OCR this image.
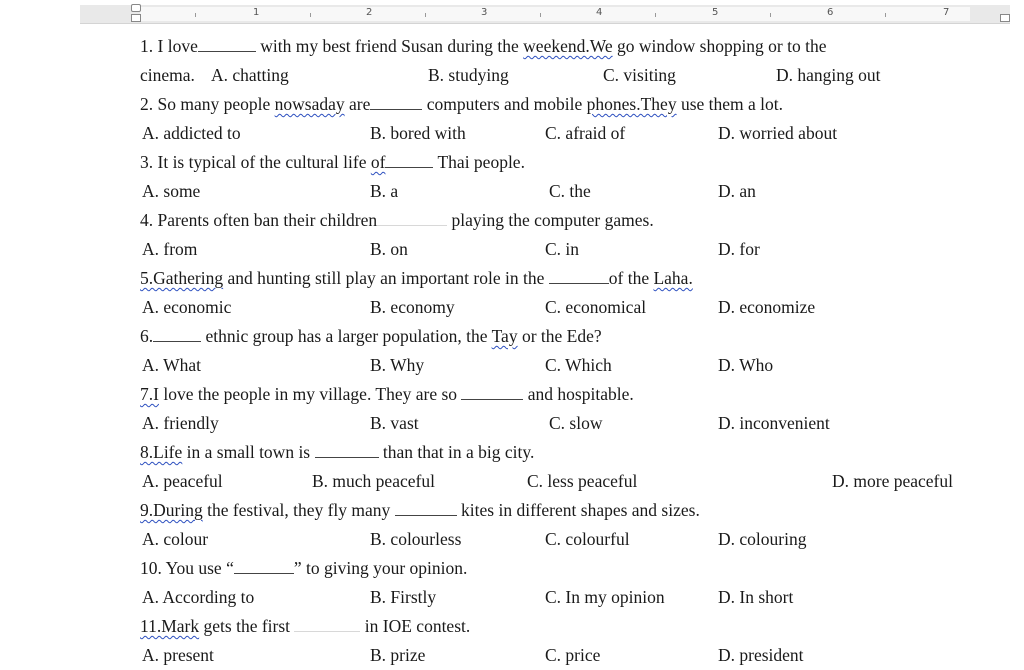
1	2	3	4	5	6	7
1. I love	with my best friend Susan during the weekend.We go window shopping or to the
cinema. A. chatting	B. studying	C. visiting	D. hanging out
2. So many people nowsaday are	computers and mobile phones.They use them a lot.
A. addicted to	B. bored with	C. afraid of	D. worried about
3. It is typical of the cultural life of	Thai people.
A. some	B. a	C. the	D. an
4. Parents often ban their children	playing the computer games.
A. from	B. on	C. in	D. for
5.Gathering and hunting still play an important role in the	of the Laha.
A. economic	B. economy	C. economical	D. economize
6.	ethnic group has a larger population, the Tay or the Ede?
A. What	B. Why	C. Which	D. Who
7.I love the people in my village. They are so	and hospitable.
A. friendly	B. vast	C. slow	D. inconvenient
8.Life in a small town is	than that in a big city.
A. peaceful	B. much peaceful	C. less peaceful	D. more peaceful
9.During the festival, they fly many	kites in different shapes and sizes.
A. colour	B. colourless	C. colourful	D. colouring
10. You use “	” to giving your opinion.
A. According to	B. Firstly	C. In my opinion	D. In short
11.Mark gets the first	in IOE contest.
A. present	B. prize	C. price	D. president
